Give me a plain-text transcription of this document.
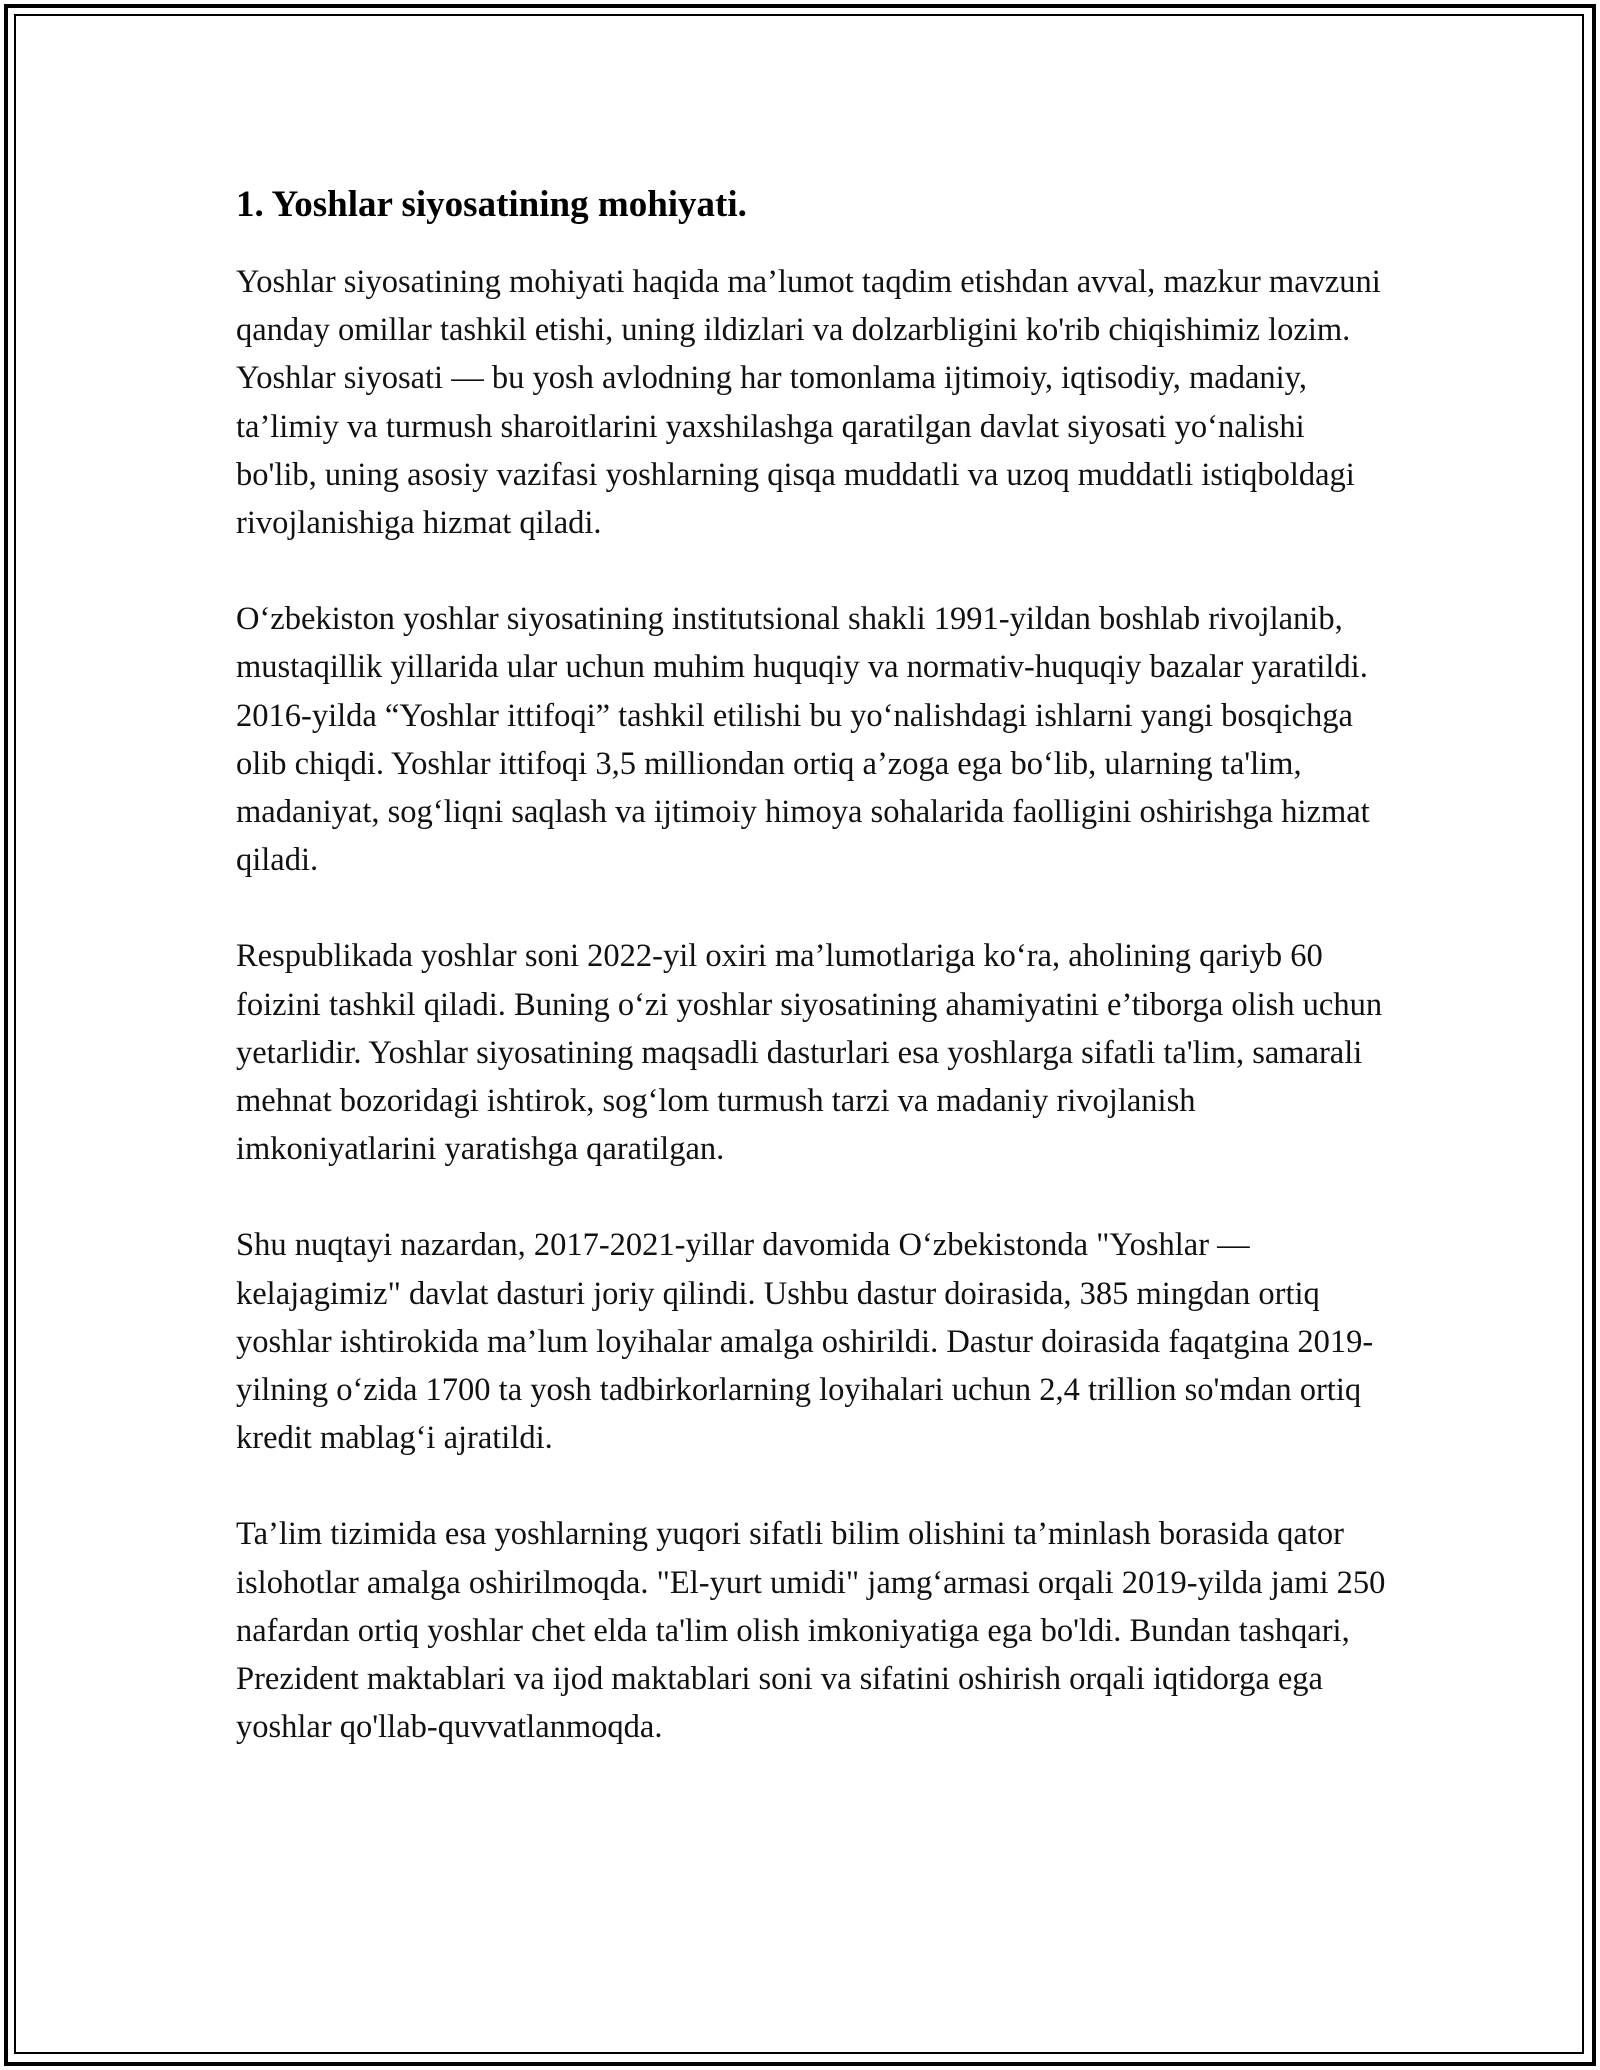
1. Yoshlar siyosatining mohiyati.

Yoshlar siyosatining mohiyati haqida ma’lumot taqdim etishdan avval, mazkur mavzuni qanday omillar tashkil etishi, uning ildizlari va dolzarbligini ko'rib chiqishimiz lozim. Yoshlar siyosati — bu yosh avlodning har tomonlama ijtimoiy, iqtisodiy, madaniy, ta’limiy va turmush sharoitlarini yaxshilashga qaratilgan davlat siyosati yo‘nalishi bo'lib, uning asosiy vazifasi yoshlarning qisqa muddatli va uzoq muddatli istiqboldagi rivojlanishiga hizmat qiladi.

O‘zbekiston yoshlar siyosatining institutsional shakli 1991-yildan boshlab rivojlanib, mustaqillik yillarida ular uchun muhim huquqiy va normativ-huquqiy bazalar yaratildi. 2016-yilda “Yoshlar ittifoqi” tashkil etilishi bu yo‘nalishdagi ishlarni yangi bosqichga olib chiqdi. Yoshlar ittifoqi 3,5 milliondan ortiq a’zoga ega bo‘lib, ularning ta'lim, madaniyat, sog‘liqni saqlash va ijtimoiy himoya sohalarida faolligini oshirishga hizmat qiladi.

Respublikada yoshlar soni 2022-yil oxiri ma’lumotlariga ko‘ra, aholining qariyb 60 foizini tashkil qiladi. Buning o‘zi yoshlar siyosatining ahamiyatini e’tiborga olish uchun yetarlidir. Yoshlar siyosatining maqsadli dasturlari esa yoshlarga sifatli ta'lim, samarali mehnat bozoridagi ishtirok, sog‘lom turmush tarzi va madaniy rivojlanish imkoniyatlarini yaratishga qaratilgan.

Shu nuqtayi nazardan, 2017-2021-yillar davomida O‘zbekistonda "Yoshlar — kelajagimiz" davlat dasturi joriy qilindi. Ushbu dastur doirasida, 385 mingdan ortiq yoshlar ishtirokida ma’lum loyihalar amalga oshirildi. Dastur doirasida faqatgina 2019-yilning o‘zida 1700 ta yosh tadbirkorlarning loyihalari uchun 2,4 trillion so'mdan ortiq kredit mablag‘i ajratildi.

Ta’lim tizimida esa yoshlarning yuqori sifatli bilim olishini ta’minlash borasida qator islohotlar amalga oshirilmoqda. "El-yurt umidi" jamg‘armasi orqali 2019-yilda jami 250 nafardan ortiq yoshlar chet elda ta'lim olish imkoniyatiga ega bo'ldi. Bundan tashqari, Prezident maktablari va ijod maktablari soni va sifatini oshirish orqali iqtidorga ega yoshlar qo'llab-quvvatlanmoqda.
